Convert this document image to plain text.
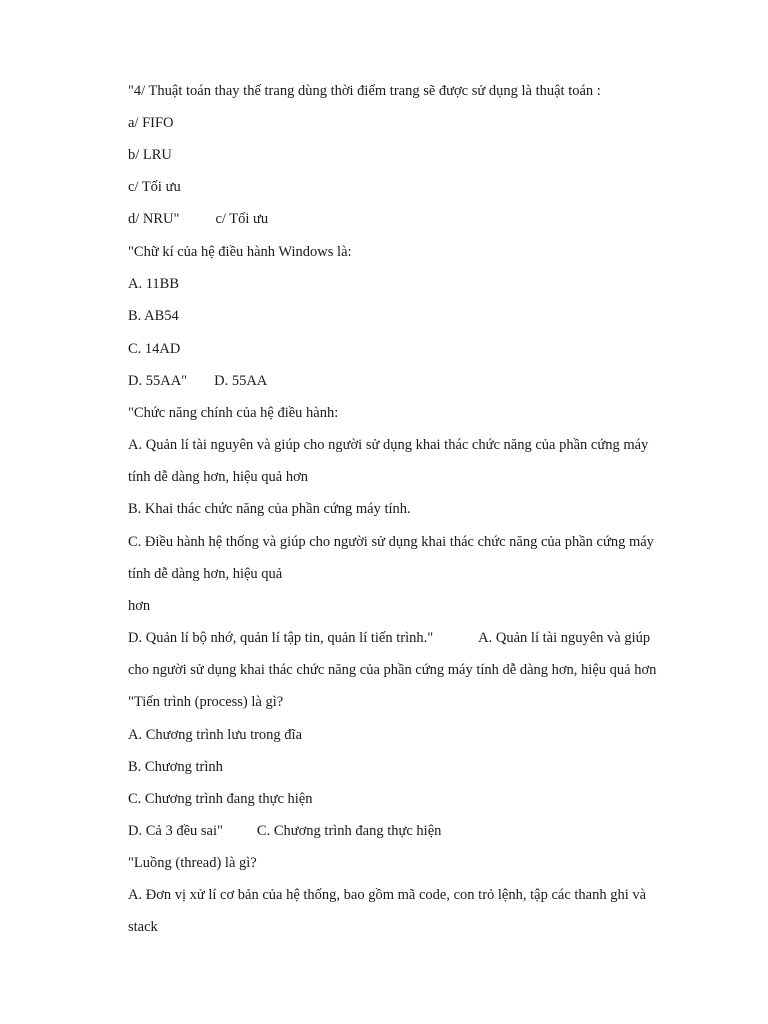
"4/ Thuật toán thay thế trang dùng thời điểm trang sẽ được sử dụng là thuật toán :
a/ FIFO
b/ LRU
c/ Tối ưu
d/ NRU" c/ Tối ưu
"Chữ kí của hệ điều hành Windows là:
A. 11BB
B. AB54
C. 14AD
D. 55AA" D. 55AA
"Chức năng chính của hệ điều hành:
A. Quản lí tài nguyên và giúp cho người sử dụng khai thác chức năng của phần cứng máy
tính dễ dàng hơn, hiệu quả hơn
B. Khai thác chức năng của phần cứng máy tính.
C. Điều hành hệ thống và giúp cho người sử dụng khai thác chức năng của phần cứng máy
tính dễ dàng hơn, hiệu quả
hơn
D. Quản lí bộ nhớ, quản lí tập tin, quản lí tiến trình."	A. Quản lí tài nguyên và giúp
cho người sử dụng khai thác chức năng của phần cứng máy tính dễ dàng hơn, hiệu quả hơn
"Tiến trình (process) là gì?
A. Chương trình lưu trong đĩa
B. Chương trình
C. Chương trình đang thực hiện
D. Cả 3 đều sai" C. Chương trình đang thực hiện
"Luồng (thread) là gì?
A. Đơn vị xử lí cơ bản của hệ thống, bao gồm mã code, con trỏ lệnh, tập các thanh ghi và
stack
